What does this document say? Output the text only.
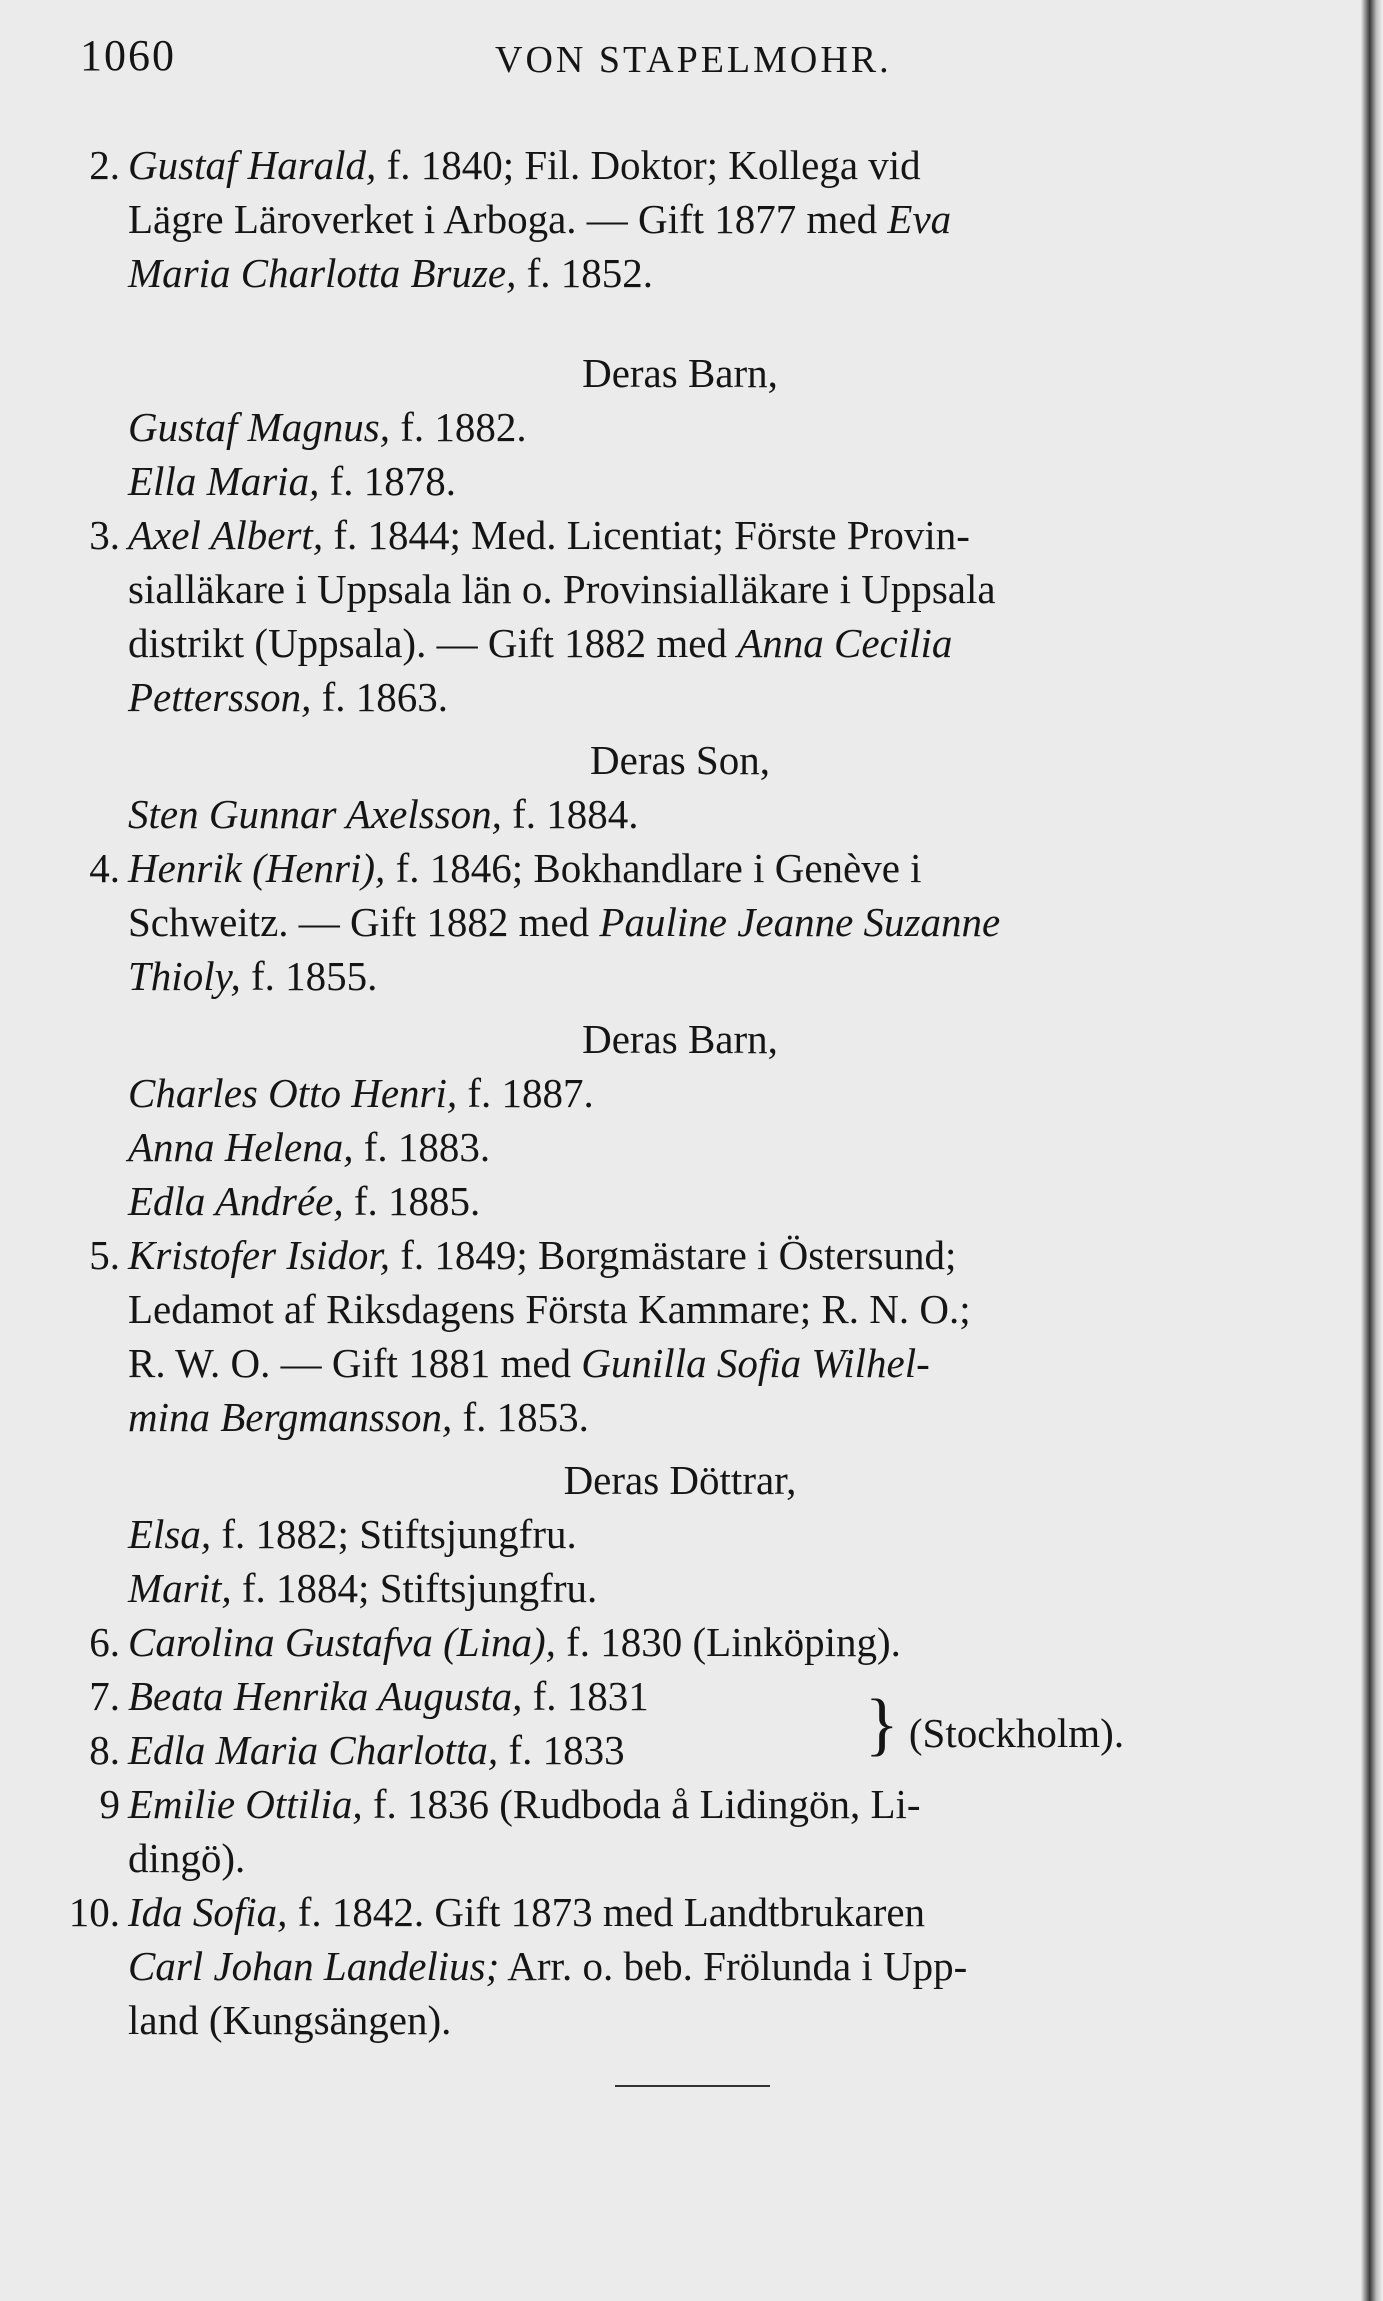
1060	VON STAPELMOHR.
2. Gustaf Harald, f. 1840; Fil. Doktor; Kollega vid
Lägre Läroverket i Arboga. — Gift 1877 med Eva
Maria Charlotta Bruze, f. 1852.
Deras Barn,
Gustaf Magnus, f. 1882.
Ella Maria, f. 1878.
3. Axel Albert, f. 1844; Med. Licentiat; Förste Provin-
sialläkare i Uppsala län o. Provinsialläkare i Uppsala
distrikt (Uppsala). — Gift 1882 med Anna Cecilia
Pettersson, f. 1863.
Deras Son,
Sten Gunnar Axelsson, f. 1884.
4. Henrik (Henri), f. 1846; Bokhandlare i Genève i
Schweitz. — Gift 1882 med Pauline Jeanne Suzanne
Thioly, f. 1855.
Deras Barn,
Charles Otto Henri, f. 1887.
Anna Helena, f. 1883.
Edla Andrée, f. 1885.
5. Kristofer Isidor, f. 1849; Borgmästare i Östersund;
Ledamot af Riksdagens Första Kammare; R. N. O.;
R. W. O. — Gift 1881 med Gunilla Sofia Wilhel-
mina Bergmansson, f. 1853.
Deras Döttrar,
Elsa, f. 1882; Stiftsjungfru.
Marit, f. 1884; Stiftsjungfru.
6. Carolina Gustafva (Lina), f. 1830 (Linköping).
7. Beata Henrika Augusta, f. 1831
8. Edla Maria Charlotta, f. 1833	} (Stockholm).
9 Emilie Ottilia, f. 1836 (Rudboda å Lidingön, Li-
dingö).
10. Ida Sofia, f. 1842. Gift 1873 med Landtbrukaren
Carl Johan Landelius; Arr. o. beb. Frölunda i Upp-
land (Kungsängen).
